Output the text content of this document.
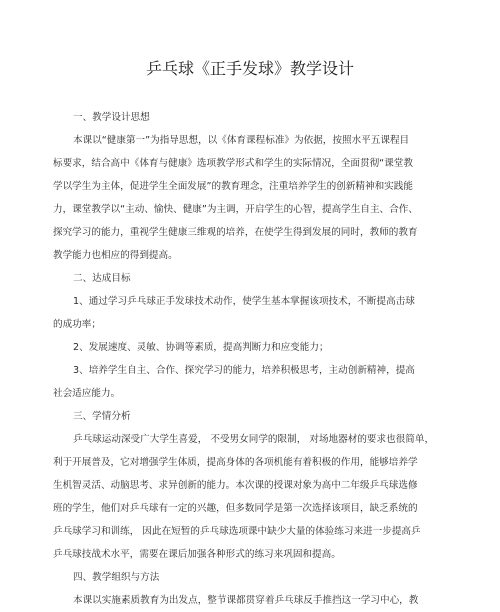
乒乓球《正手发球》教学设计
一、教学设计思想
本课以“健康第一”为指导思想，以《体育课程标准》为依据，按照水平五课程目
标要求，结合高中《体育与健康》选项教学形式和学生的实际情况，全面贯彻“课堂教
学以学生为主体，促进学生全面发展”的教育理念，注重培养学生的创新精神和实践能
力，课堂教学以“主动、愉快、健康”为主调，开启学生的心智，提高学生自主、合作、
探究学习的能力，重视学生健康三维观的培养，在使学生得到发展的同时，教师的教育
教学能力也相应的得到提高。
二、达成目标
1、通过学习乒乓球正手发球技术动作，使学生基本掌握该项技术，不断提高击球
的成功率；
2、发展速度、灵敏、协调等素质，提高判断力和应变能力；
3、培养学生自主、合作、探究学习的能力，培养积极思考，主动创新精神，提高
社会适应能力。
三、学情分析
乒乓球运动深受广大学生喜爱， 不受男女同学的限制， 对场地器材的要求也很简单，
利于开展普及，它对增强学生体质，提高身体的各项机能有着积极的作用，能够培养学
生机智灵活、动脑思考、求异创新的能力。本次课的授课对象为高中二年级乒乓球选修
班的学生，他们对乒乓球有一定的兴趣，但多数同学是第一次选择该项目，缺乏系统的
乒乓球学习和训练， 因此在短暂的乒乓球选项课中缺少大量的体验练习来进一步提高乒
乒乓球技战术水平，需要在课后加强各种形式的练习来巩固和提高。
四、教学组织与方法
本课以实施素质教育为出发点，整节课都贯穿着乒乓球反手推挡这一学习中心，教
